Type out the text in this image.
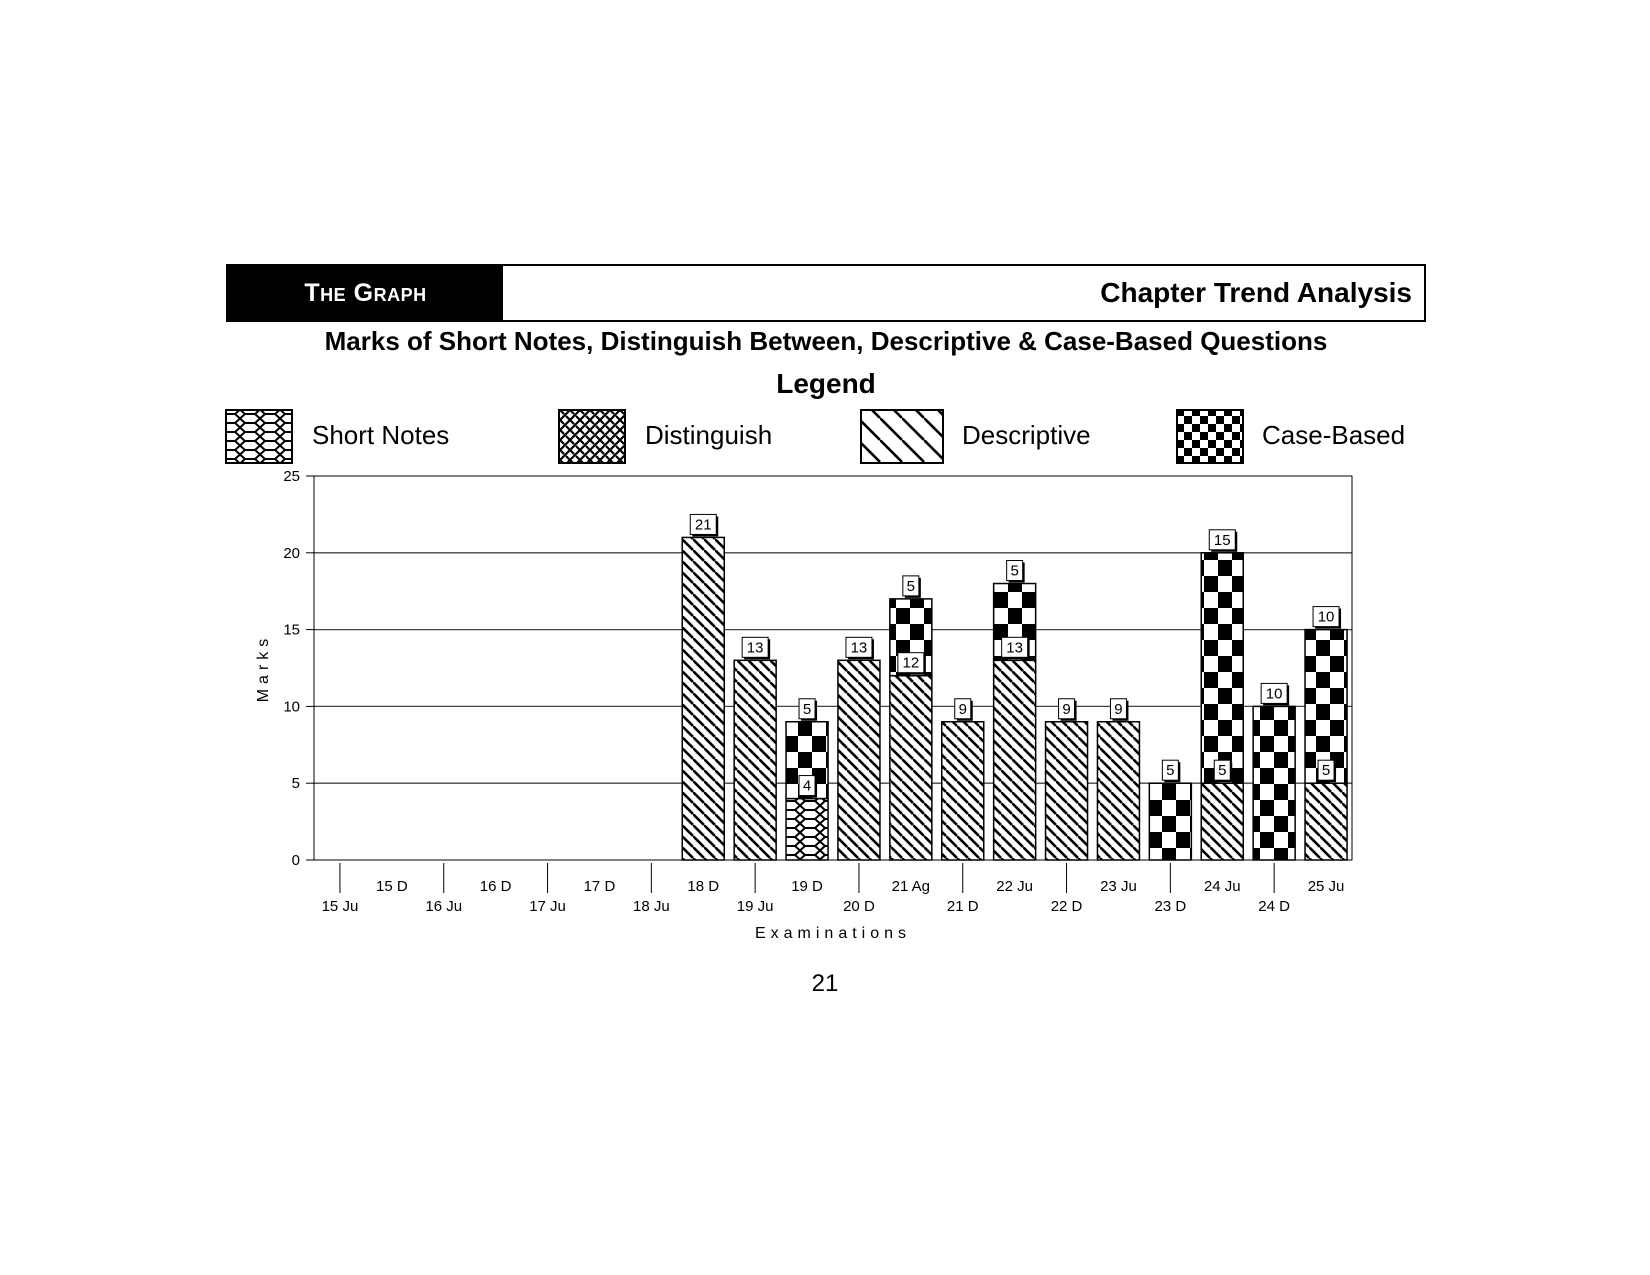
The Graph	Chapter Trend Analysis
Marks of Short Notes, Distinguish Between, Descriptive & Case-Based Questions
Legend
Short Notes	Distinguish	Descriptive	Case-Based
21
13
4
5
13
12
5
9
13
5
9	9
5	5
15
10
5
10
0
5
10
15
20
25
15 Ju
15 D
16 Ju
16 D
17 Ju
17 D
18 Ju
18 D
19 Ju
19 D
20 D
21 Ag
21 D
22 Ju
22 D
23 Ju
23 D
24 Ju
24 D
25 Ju
Examinations
Marks
21
